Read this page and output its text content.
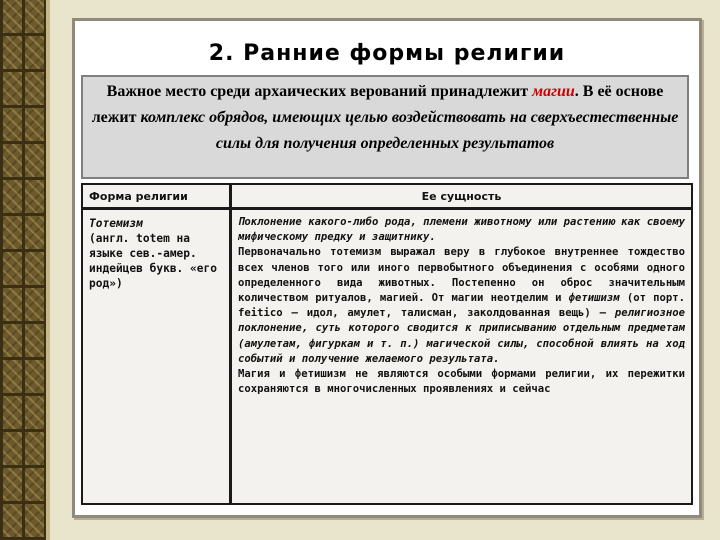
2. Ранние формы религии
Важное место среди архаических верований принадлежит магии. В её основе лежит комплекс обрядов, имеющих целью воздействовать на сверхъестественные силы для получения определенных результатов
Форма религии	Ее сущность
Тотемизм
(англ. totem на языке сев.-амер. индейцев букв. «его род»)
Поклонение какого-либо рода, племени животному или растению как своему мифическому предку и защитнику.
Первоначально тотемизм выражал веру в глубокое внутреннее тождество всех членов того или иного первобытного объединения с особями одного определенного вида животных. Постепенно он оброс значительным количеством ритуалов, магией. От магии неотделим и фетишизм (от порт. feitico — идол, амулет, талисман, заколдованная вещь) — религиозное поклонение, суть которого сводится к приписыванию отдельным предметам (амулетам, фигуркам и т. п.) магической силы, способной влиять на ход событий и получение желаемого результата.
Магия и фетишизм не являются особыми формами религии, их пережитки сохраняются в многочисленных проявлениях и сейчас
